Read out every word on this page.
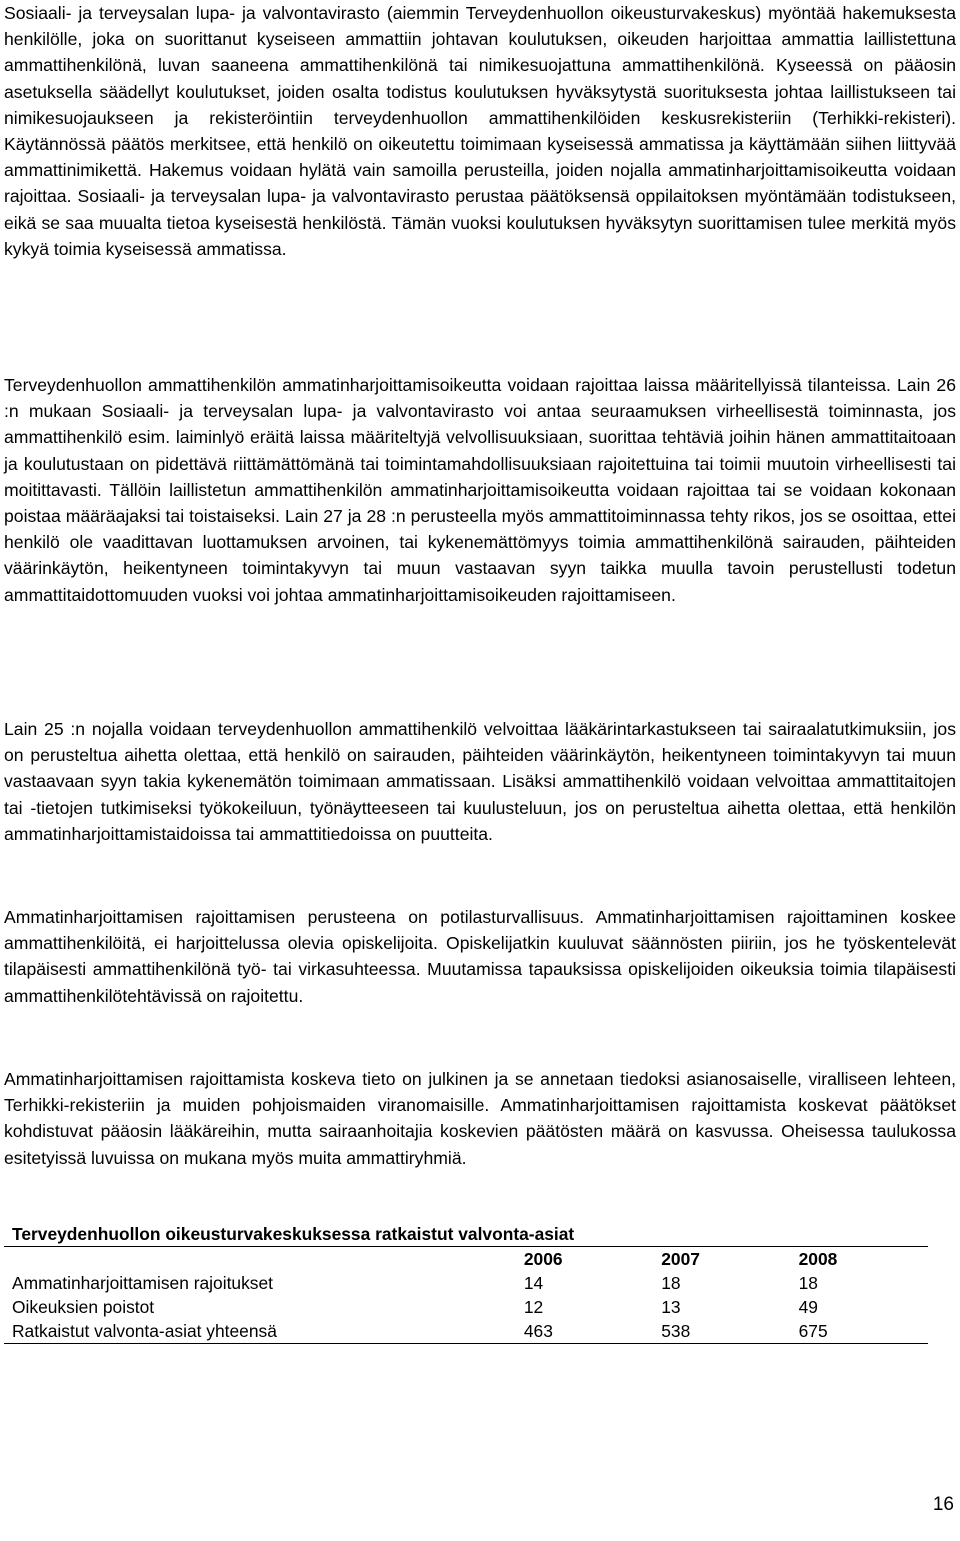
Sosiaali- ja terveysalan lupa- ja valvontavirasto (aiemmin Terveydenhuollon oikeusturvakeskus) myöntää hakemuksesta henkilölle, joka on suorittanut kyseiseen ammattiin johtavan koulutuksen, oikeuden harjoittaa ammattia laillistettuna ammattihenkilönä, luvan saaneena ammattihenkilönä tai nimikesuojattuna ammattihenkilönä. Kyseessä on pääosin asetuksella säädellyt koulutukset, joiden osalta todistus koulutuksen hyväksytystä suorituksesta johtaa laillistukseen tai nimikesuojaukseen ja rekisteröintiin terveydenhuollon ammattihenkilöiden keskusrekisteriin (Terhikki-rekisteri). Käytännössä päätös merkitsee, että henkilö on oikeutettu toimimaan kyseisessä ammatissa ja käyttämään siihen liittyvää ammattinimikettä. Hakemus voidaan hylätä vain samoilla perusteilla, joiden nojalla ammatinharjoittamisoikeutta voidaan rajoittaa. Sosiaali- ja terveysalan lupa- ja valvontavirasto perustaa päätöksensä oppilaitoksen myöntämään todistukseen, eikä se saa muualta tietoa kyseisestä henkilöstä. Tämän vuoksi koulutuksen hyväksytyn suorittamisen tulee merkitä myös kykyä toimia kyseisessä ammatissa.

Terveydenhuollon ammattihenkilön ammatinharjoittamisoikeutta voidaan rajoittaa laissa määritellyissä tilanteissa. Lain 26 :n mukaan Sosiaali- ja terveysalan lupa- ja valvontavirasto voi antaa seuraamuksen virheellisestä toiminnasta, jos ammattihenkilö esim. laiminlyö eräitä laissa määriteltyjä velvollisuuksiaan, suorittaa tehtäviä joihin hänen ammattitaitoaan ja koulutustaan on pidettävä riittämättömänä tai toimintamahdollisuuksiaan rajoitettuina tai toimii muutoin virheellisesti tai moitittavasti. Tällöin laillistetun ammattihenkilön ammatinharjoittamisoikeutta voidaan rajoittaa tai se voidaan kokonaan poistaa määräajaksi tai toistaiseksi. Lain 27 ja 28 :n perusteella myös ammattitoiminnassa tehty rikos, jos se osoittaa, ettei henkilö ole vaadittavan luottamuksen arvoinen, tai kykenemättömyys toimia ammattihenkilönä sairauden, päihteiden väärinkäytön, heikentyneen toimintakyvyn tai muun vastaavan syyn taikka muulla tavoin perustellusti todetun ammattitaidottomuuden vuoksi voi johtaa ammatinharjoittamisoikeuden rajoittamiseen.

Lain 25 :n nojalla voidaan terveydenhuollon ammattihenkilö velvoittaa lääkärintarkastukseen tai sairaalatutkimuksiin, jos on perusteltua aihetta olettaa, että henkilö on sairauden, päihteiden väärinkäytön, heikentyneen toimintakyvyn tai muun vastaavaan syyn takia kykenemätön toimimaan ammatissaan. Lisäksi ammattihenkilö voidaan velvoittaa ammattitaitojen tai -tietojen tutkimiseksi työkokeiluun, työnäytteeseen tai kuulusteluun, jos on perusteltua aihetta olettaa, että henkilön ammatinharjoittamistaidoissa tai ammattitiedoissa on puutteita.

Ammatinharjoittamisen rajoittamisen perusteena on potilasturvallisuus. Ammatinharjoittamisen rajoittaminen koskee ammattihenkilöitä, ei harjoittelussa olevia opiskelijoita. Opiskelijatkin kuuluvat säännösten piiriin, jos he työskentelevät tilapäisesti ammattihenkilönä työ- tai virkasuhteessa. Muutamissa tapauksissa opiskelijoiden oikeuksia toimia tilapäisesti ammattihenkilötehtävissä on rajoitettu.

Ammatinharjoittamisen rajoittamista koskeva tieto on julkinen ja se annetaan tiedoksi asianosaiselle, viralliseen lehteen, Terhikki-rekisteriin ja muiden pohjoismaiden viranomaisille. Ammatinharjoittamisen rajoittamista koskevat päätökset kohdistuvat pääosin lääkäreihin, mutta sairaanhoitajia koskevien päätösten määrä on kasvussa. Oheisessa taulukossa esitetyissä luvuissa on mukana myös muita ammattiryhmiä.

Terveydenhuollon oikeusturvakeskuksessa ratkaistut valvonta-asiat			

	2006	2007	2008
Ammatinharjoittamisen rajoitukset	14	18	18
Oikeuksien poistot	12	13	49
Ratkaistut valvonta-asiat yhteensä	463	538	675
16
